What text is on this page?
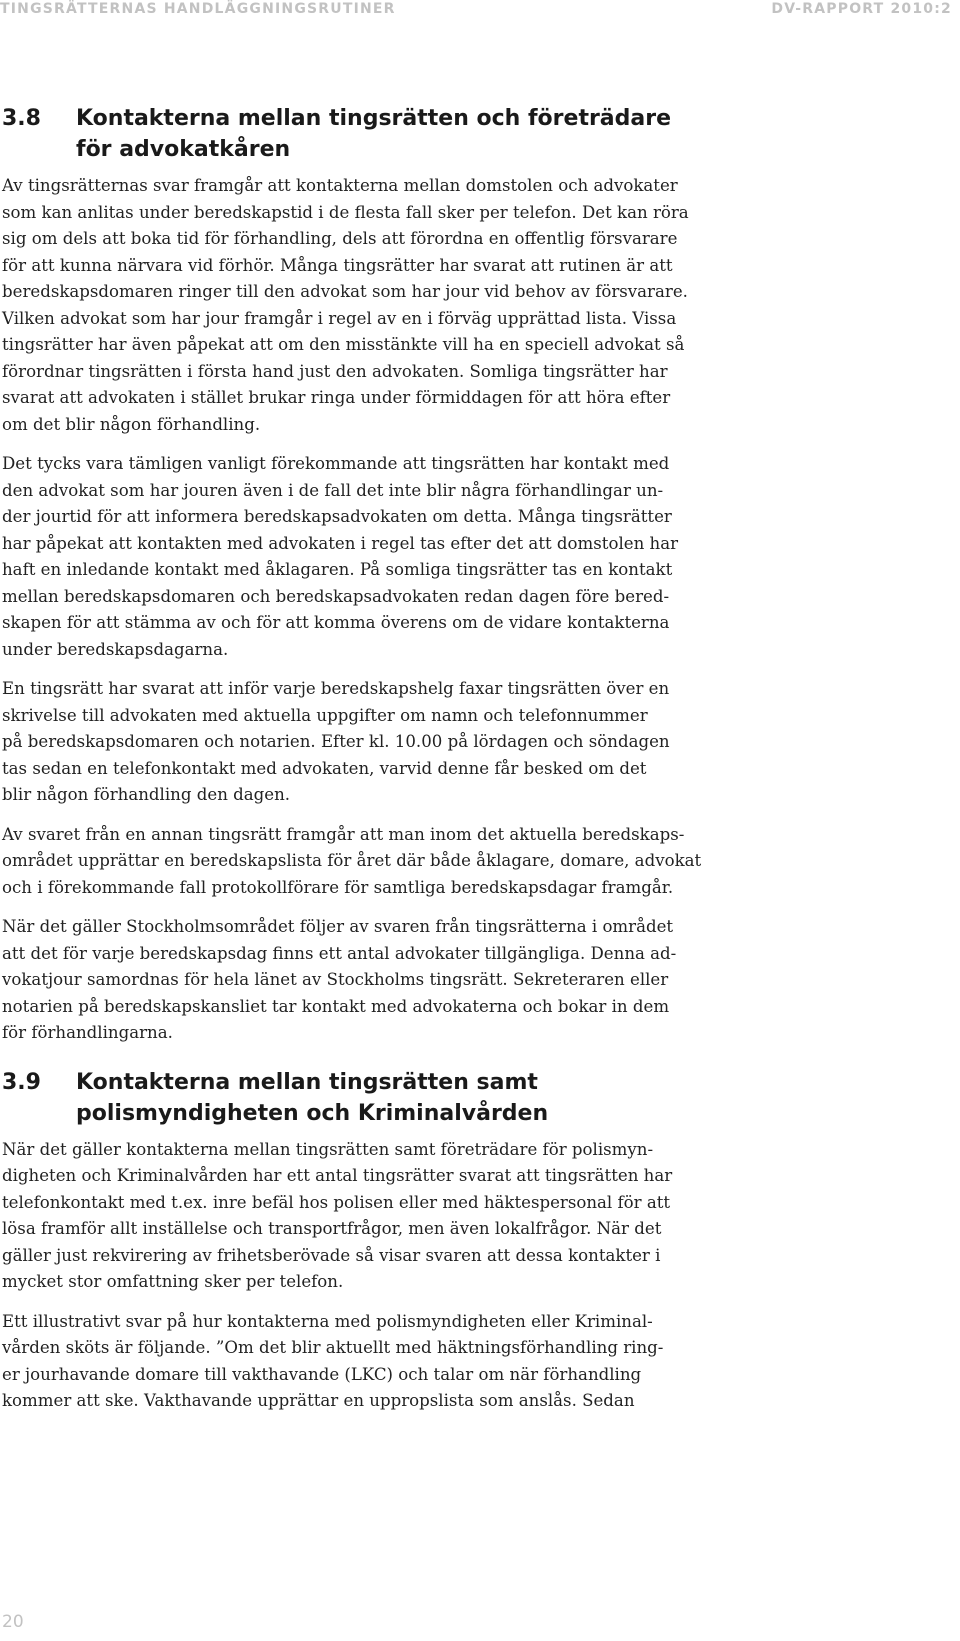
TINGSRÄTTERNAS HANDLÄGGNINGSRUTINER	DV-RAPPORT 2010:2
3.8	Kontakterna mellan tingsrätten och företrädare för advokatkåren

Av tingsrätternas svar framgår att kontakterna mellan domstolen och advokater
som kan anlitas under beredskapstid i de flesta fall sker per telefon. Det kan röra
sig om dels att boka tid för förhandling, dels att förordna en offentlig försvarare
för att kunna närvara vid förhör. Många tingsrätter har svarat att rutinen är att
beredskapsdomaren ringer till den advokat som har jour vid behov av försvarare.
Vilken advokat som har jour framgår i regel av en i förväg upprättad lista. Vissa
tingsrätter har även påpekat att om den misstänkte vill ha en speciell advokat så
förordnar tingsrätten i första hand just den advokaten. Somliga tingsrätter har
svarat att advokaten i stället brukar ringa under förmiddagen för att höra efter
om det blir någon förhandling.

Det tycks vara tämligen vanligt förekommande att tingsrätten har kontakt med
den advokat som har jouren även i de fall det inte blir några förhandlingar un-
der jourtid för att informera beredskapsadvokaten om detta. Många tingsrätter
har påpekat att kontakten med advokaten i regel tas efter det att domstolen har
haft en inledande kontakt med åklagaren. På somliga tingsrätter tas en kontakt
mellan beredskapsdomaren och beredskapsadvokaten redan dagen före bered-
skapen för att stämma av och för att komma överens om de vidare kontakterna
under beredskapsdagarna.

En tingsrätt har svarat att inför varje beredskapshelg faxar tingsrätten över en
skrivelse till advokaten med aktuella uppgifter om namn och telefonnummer
på beredskapsdomaren och notarien. Efter kl. 10.00 på lördagen och söndagen
tas sedan en telefonkontakt med advokaten, varvid denne får besked om det
blir någon förhandling den dagen.

Av svaret från en annan tingsrätt framgår att man inom det aktuella beredskaps-
området upprättar en beredskapslista för året där både åklagare, domare, advokat
och i förekommande fall protokollförare för samtliga beredskapsdagar framgår.

När det gäller Stockholmsområdet följer av svaren från tingsrätterna i området
att det för varje beredskapsdag finns ett antal advokater tillgängliga. Denna ad-
vokatjour samordnas för hela länet av Stockholms tingsrätt. Sekreteraren eller
notarien på beredskapskansliet tar kontakt med advokaterna och bokar in dem
för förhandlingarna.

3.9	Kontakterna mellan tingsrätten samt polismyndigheten och Kriminalvården

När det gäller kontakterna mellan tingsrätten samt företrädare för polismyn-
digheten och Kriminalvården har ett antal tingsrätter svarat att tingsrätten har
telefonkontakt med t.ex. inre befäl hos polisen eller med häktespersonal för att
lösa framför allt inställelse och transportfrågor, men även lokalfrågor. När det
gäller just rekvirering av frihetsberövade så visar svaren att dessa kontakter i
mycket stor omfattning sker per telefon.

Ett illustrativt svar på hur kontakterna med polismyndigheten eller Kriminal-
vården sköts är följande. ”Om det blir aktuellt med häktningsförhandling ring-
er jourhavande domare till vakthavande (LKC) och talar om när förhandling
kommer att ske. Vakthavande upprättar en uppropslista som anslås. Sedan

20
